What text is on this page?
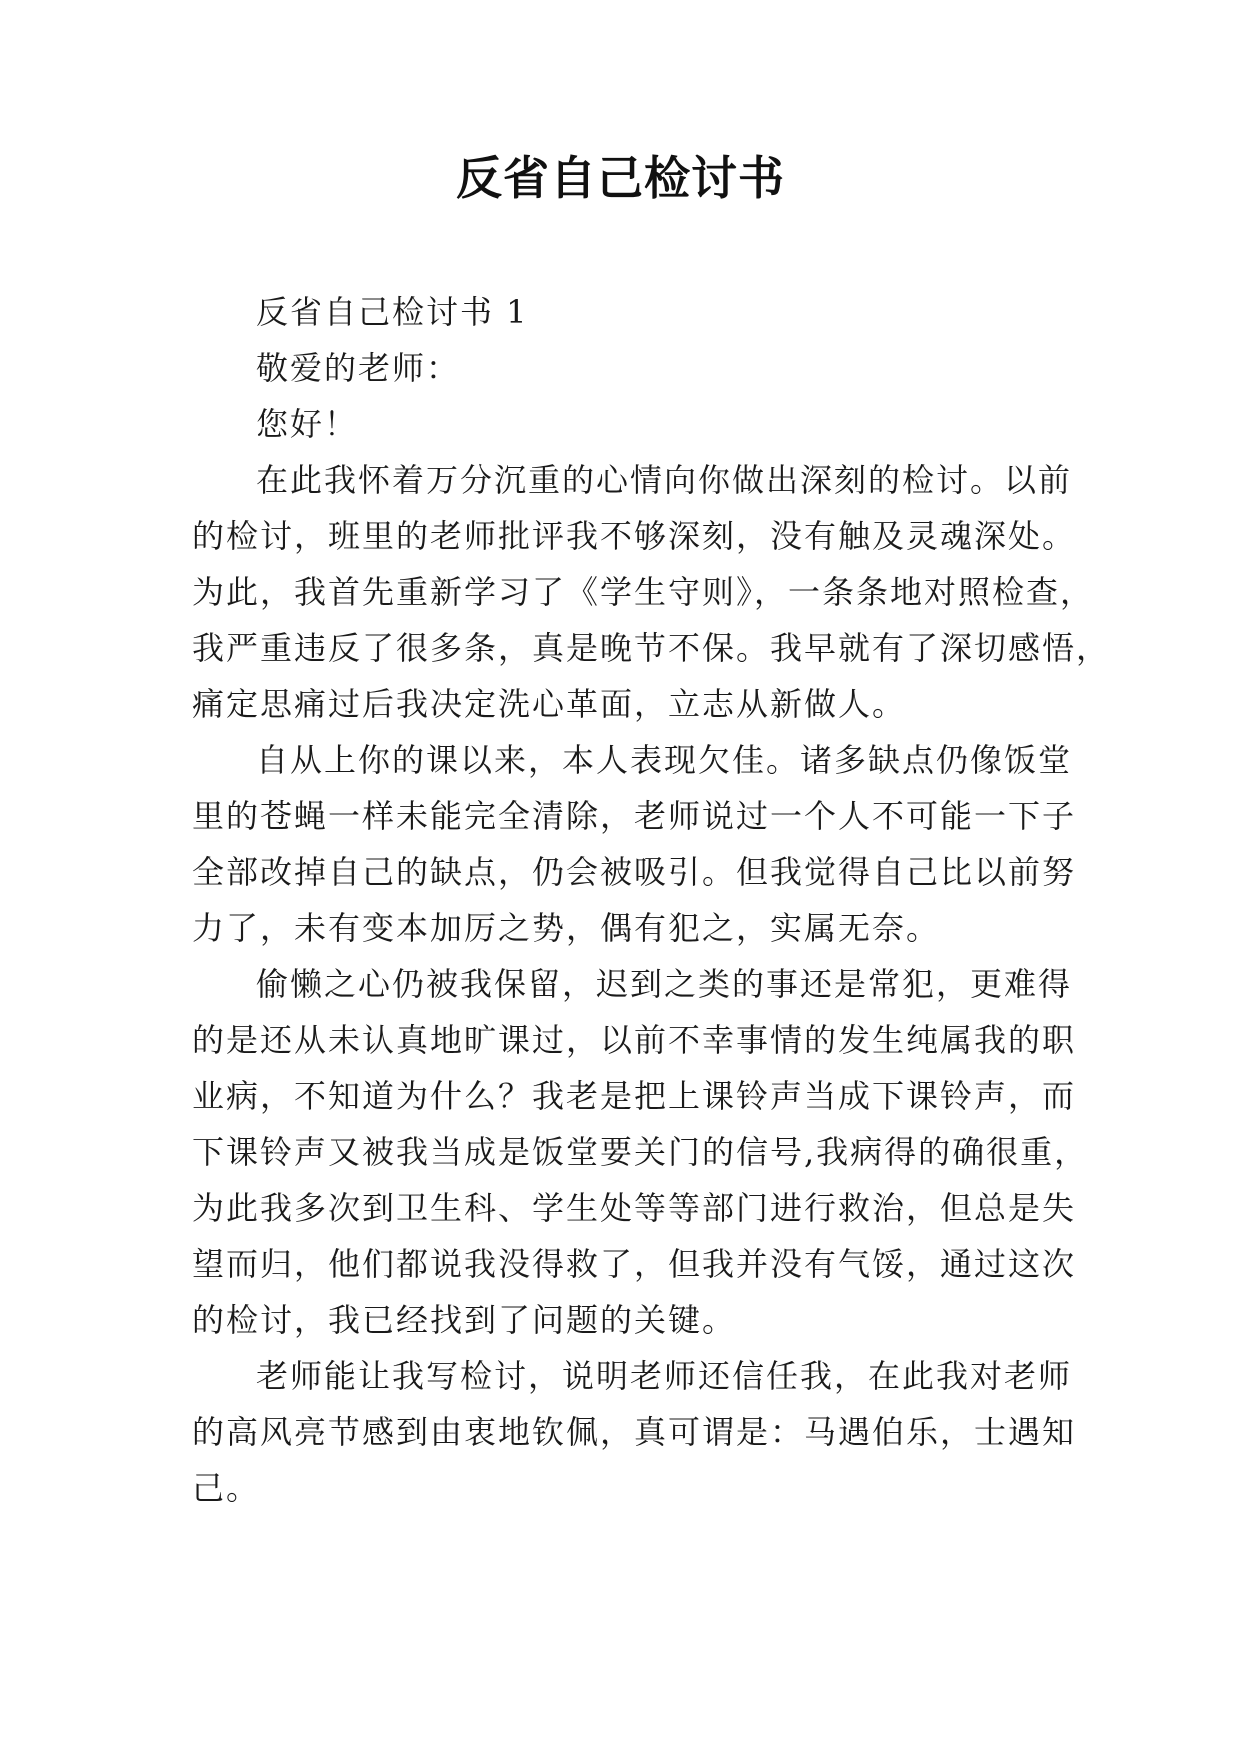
反省自己检讨书

反省自己检讨书 1

敬爱的老师：

您好！

在此我怀着万分沉重的心情向你做出深刻的检讨。以前

的检讨，班里的老师批评我不够深刻，没有触及灵魂深处。

为此，我首先重新学习了《学生守则》，一条条地对照检查，

我严重违反了很多条，真是晚节不保。我早就有了深切感悟，

痛定思痛过后我决定洗心革面，立志从新做人。

自从上你的课以来，本人表现欠佳。诸多缺点仍像饭堂

里的苍蝇一样未能完全清除，老师说过一个人不可能一下子

全部改掉自己的缺点，仍会被吸引。但我觉得自己比以前努

力了，未有变本加厉之势，偶有犯之，实属无奈。

偷懒之心仍被我保留，迟到之类的事还是常犯，更难得

的是还从未认真地旷课过，以前不幸事情的发生纯属我的职

业病，不知道为什么？我老是把上课铃声当成下课铃声，而

下课铃声又被我当成是饭堂要关门的信号,我病得的确很重，

为此我多次到卫生科、学生处等等部门进行救治，但总是失

望而归，他们都说我没得救了，但我并没有气馁，通过这次

的检讨，我已经找到了问题的关键。

老师能让我写检讨，说明老师还信任我，在此我对老师

的高风亮节感到由衷地钦佩，真可谓是：马遇伯乐，士遇知

己。
